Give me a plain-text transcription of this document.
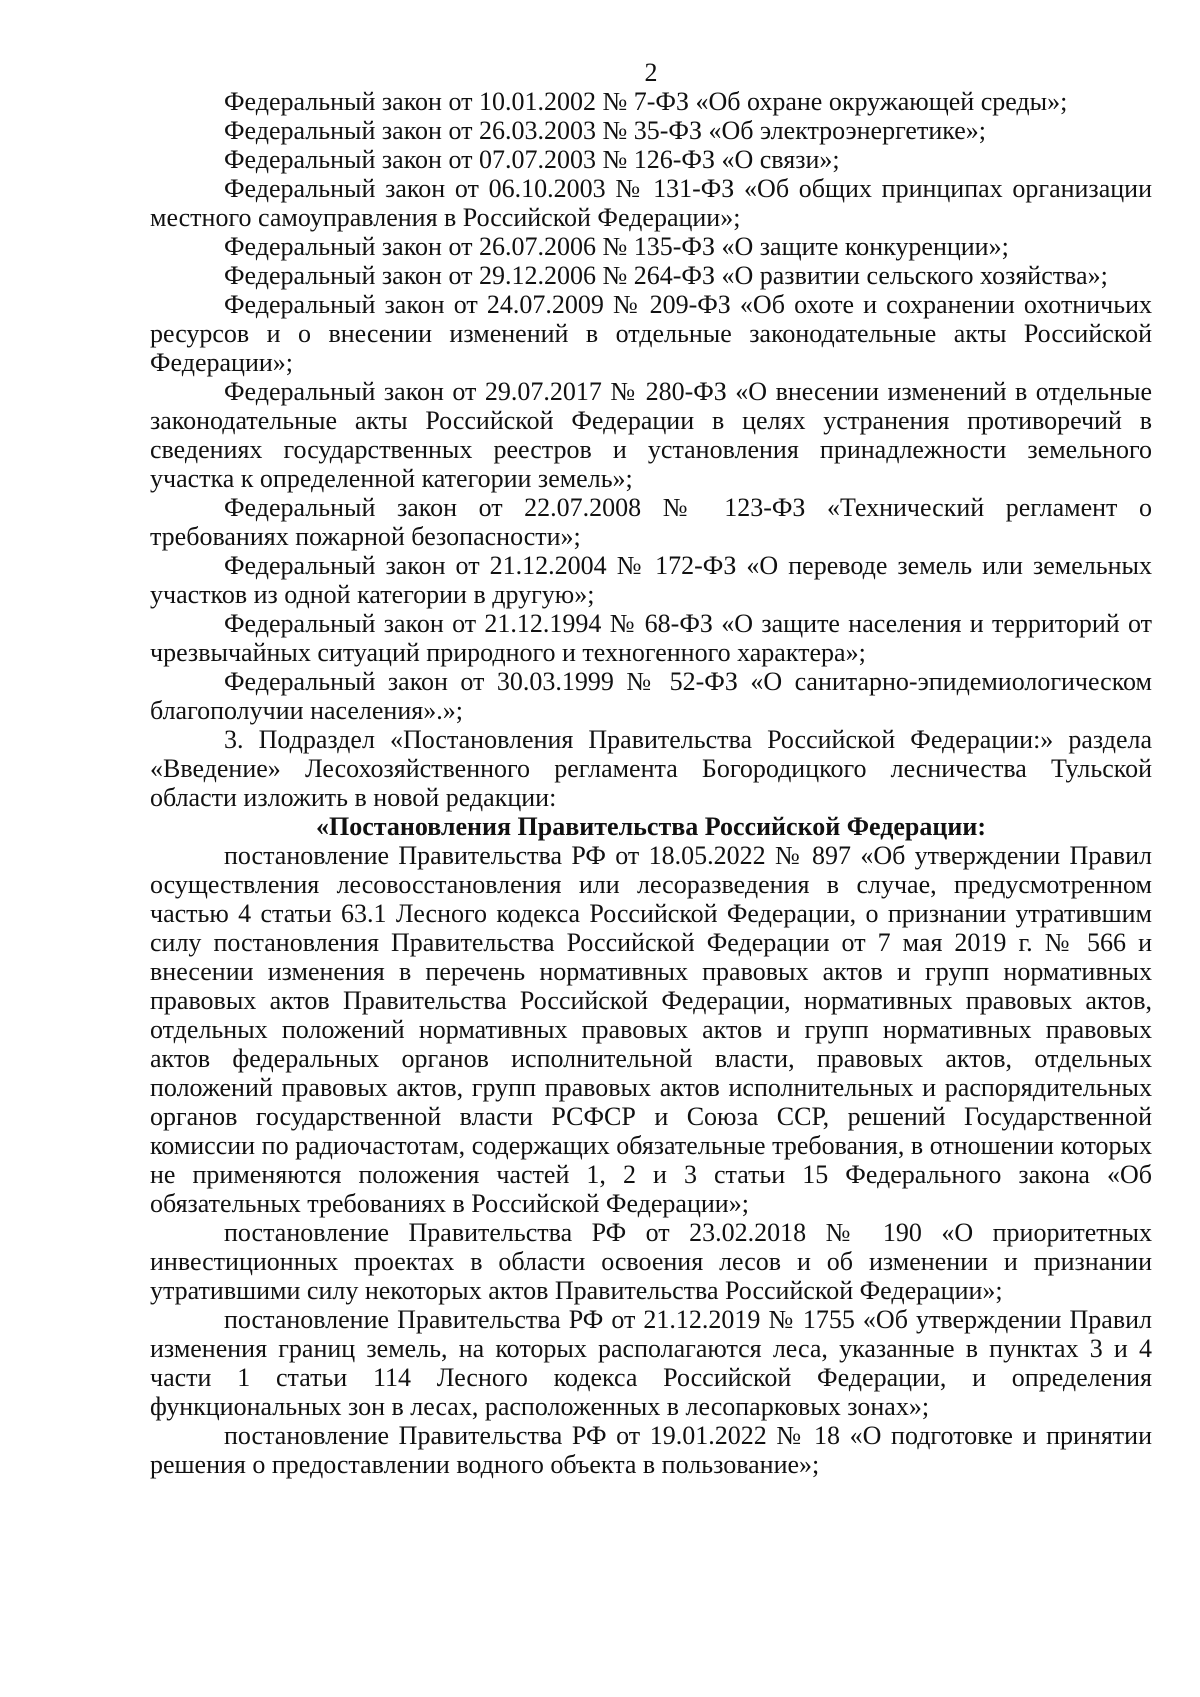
2

Федеральный закон от 10.01.2002 № 7-ФЗ «Об охране окружающей среды»;

Федеральный закон от 26.03.2003 № 35-ФЗ «Об электроэнергетике»;

Федеральный закон от 07.07.2003 № 126-ФЗ «О связи»;

Федеральный закон от 06.10.2003 № 131-ФЗ «Об общих принципах организации местного самоуправления в Российской Федерации»;

Федеральный закон от 26.07.2006 № 135-ФЗ «О защите конкуренции»;

Федеральный закон от 29.12.2006 № 264-ФЗ «О развитии сельского хозяйства»;

Федеральный закон от 24.07.2009 № 209-ФЗ «Об охоте и сохранении охотничьих ресурсов и о внесении изменений в отдельные законодательные акты Российской Федерации»;

Федеральный закон от 29.07.2017 № 280-ФЗ «О внесении изменений в отдельные законодательные акты Российской Федерации в целях устранения противоречий в сведениях государственных реестров и установления принадлежности земельного участка к определенной категории земель»;

Федеральный закон от 22.07.2008 № 123-ФЗ «Технический регламент о требованиях пожарной безопасности»;

Федеральный закон от 21.12.2004 № 172-ФЗ «О переводе земель или земельных участков из одной категории в другую»;

Федеральный закон от 21.12.1994 № 68-ФЗ «О защите населения и территорий от чрезвычайных ситуаций природного и техногенного характера»;

Федеральный закон от 30.03.1999 № 52-ФЗ «О санитарно-эпидемиологическом благополучии населения».»;

3. Подраздел «Постановления Правительства Российской Федерации:» раздела «Введение» Лесохозяйственного регламента Богородицкого лесничества Тульской области изложить в новой редакции:

«Постановления Правительства Российской Федерации:

постановление Правительства РФ от 18.05.2022 № 897 «Об утверждении Правил осуществления лесовосстановления или лесоразведения в случае, предусмотренном частью 4 статьи 63.1 Лесного кодекса Российской Федерации, о признании утратившим силу постановления Правительства Российской Федерации от 7 мая 2019 г. № 566 и внесении изменения в перечень нормативных правовых актов и групп нормативных правовых актов Правительства Российской Федерации, нормативных правовых актов, отдельных положений нормативных правовых актов и групп нормативных правовых актов федеральных органов исполнительной власти, правовых актов, отдельных положений правовых актов, групп правовых актов исполнительных и распорядительных органов государственной власти РСФСР и Союза ССР, решений Государственной комиссии по радиочастотам, содержащих обязательные требования, в отношении которых не применяются положения частей 1, 2 и 3 статьи 15 Федерального закона «Об обязательных требованиях в Российской Федерации»;

постановление Правительства РФ от 23.02.2018 № 190 «О приоритетных инвестиционных проектах в области освоения лесов и об изменении и признании утратившими силу некоторых актов Правительства Российской Федерации»;

постановление Правительства РФ от 21.12.2019 № 1755 «Об утверждении Правил изменения границ земель, на которых располагаются леса, указанные в пунктах 3 и 4 части 1 статьи 114 Лесного кодекса Российской Федерации, и определения функциональных зон в лесах, расположенных в лесопарковых зонах»;

постановление Правительства РФ от 19.01.2022 № 18 «О подготовке и принятии решения о предоставлении водного объекта в пользование»;
